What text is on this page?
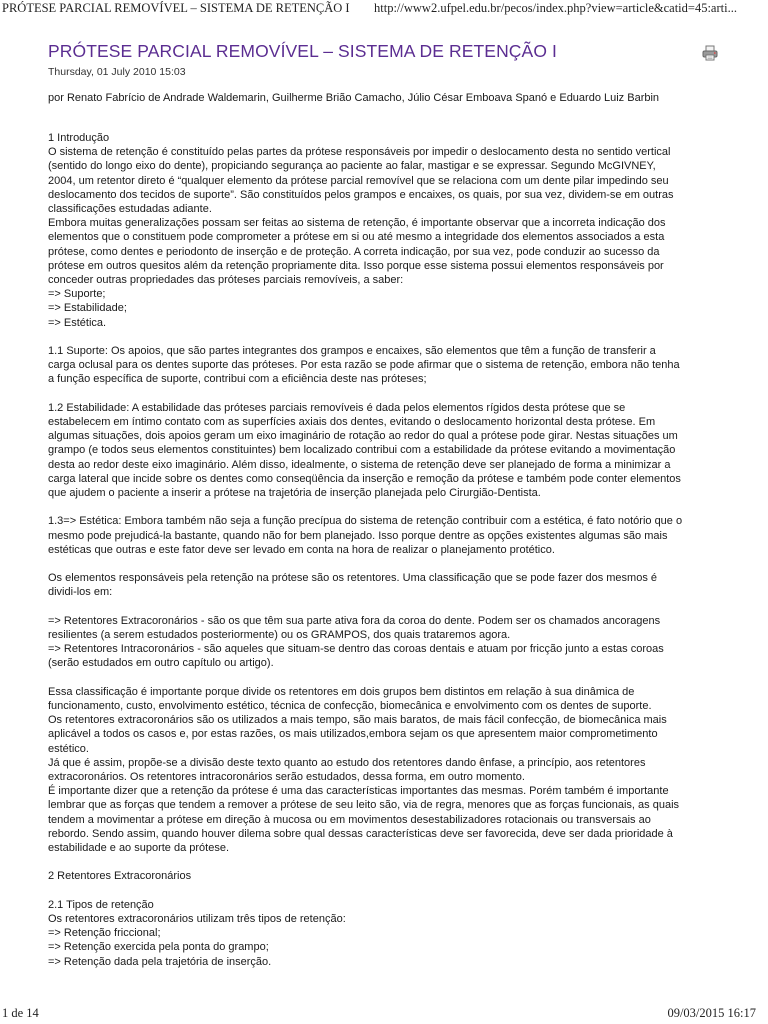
PRÓTESE PARCIAL REMOVÍVEL – SISTEMA DE RETENÇÃO I http://www2.ufpel.edu.br/pecos/index.php?view=article&catid=45:arti...
PRÓTESE PARCIAL REMOVÍVEL – SISTEMA DE RETENÇÃO I
Thursday, 01 July 2010 15:03
por Renato Fabrício de Andrade Waldemarin, Guilherme Brião Camacho, Júlio César Emboava Spanó e Eduardo Luiz Barbin
1 Introdução
O sistema de retenção é constituído pelas partes da prótese responsáveis por impedir o deslocamento desta no sentido vertical
(sentido do longo eixo do dente), propiciando segurança ao paciente ao falar, mastigar e se expressar. Segundo McGIVNEY,
2004, um retentor direto é “qualquer elemento da prótese parcial removível que se relaciona com um dente pilar impedindo seu
deslocamento dos tecidos de suporte”. São constituídos pelos grampos e encaixes, os quais, por sua vez, dividem-se em outras
classificações estudadas adiante.
Embora muitas generalizações possam ser feitas ao sistema de retenção, é importante observar que a incorreta indicação dos
elementos que o constituem pode comprometer a prótese em si ou até mesmo a integridade dos elementos associados a esta
prótese, como dentes e periodonto de inserção e de proteção. A correta indicação, por sua vez, pode conduzir ao sucesso da
prótese em outros quesitos além da retenção propriamente dita. Isso porque esse sistema possui elementos responsáveis por
conceder outras propriedades das próteses parciais removíveis, a saber:
=> Suporte;
=> Estabilidade;
=> Estética.
1.1 Suporte: Os apoios, que são partes integrantes dos grampos e encaixes, são elementos que têm a função de transferir a
carga oclusal para os dentes suporte das próteses. Por esta razão se pode afirmar que o sistema de retenção, embora não tenha
a função específica de suporte, contribui com a eficiência deste nas próteses;
1.2 Estabilidade: A estabilidade das próteses parciais removíveis é dada pelos elementos rígidos desta prótese que se
estabelecem em íntimo contato com as superfícies axiais dos dentes, evitando o deslocamento horizontal desta prótese. Em
algumas situações, dois apoios geram um eixo imaginário de rotação ao redor do qual a prótese pode girar. Nestas situações um
grampo (e todos seus elementos constituintes) bem localizado contribui com a estabilidade da prótese evitando a movimentação
desta ao redor deste eixo imaginário. Além disso, idealmente, o sistema de retenção deve ser planejado de forma a minimizar a
carga lateral que incide sobre os dentes como conseqüência da inserção e remoção da prótese e também pode conter elementos
que ajudem o paciente a inserir a prótese na trajetória de inserção planejada pelo Cirurgião-Dentista.
1.3=> Estética: Embora também não seja a função precípua do sistema de retenção contribuir com a estética, é fato notório que o
mesmo pode prejudicá-la bastante, quando não for bem planejado. Isso porque dentre as opções existentes algumas são mais
estéticas que outras e este fator deve ser levado em conta na hora de realizar o planejamento protético.
Os elementos responsáveis pela retenção na prótese são os retentores. Uma classificação que se pode fazer dos mesmos é
dividi-los em:
=> Retentores Extracoronários - são os que têm sua parte ativa fora da coroa do dente. Podem ser os chamados ancoragens
resilientes (a serem estudados posteriormente) ou os GRAMPOS, dos quais trataremos agora.
=> Retentores Intracoronários - são aqueles que situam-se dentro das coroas dentais e atuam por fricção junto a estas coroas
(serão estudados em outro capítulo ou artigo).
Essa classificação é importante porque divide os retentores em dois grupos bem distintos em relação à sua dinâmica de
funcionamento, custo, envolvimento estético, técnica de confecção, biomecânica e envolvimento com os dentes de suporte.
Os retentores extracoronários são os utilizados a mais tempo, são mais baratos, de mais fácil confecção, de biomecânica mais
aplicável a todos os casos e, por estas razões, os mais utilizados,embora sejam os que apresentem maior comprometimento
estético.
Já que é assim, propõe-se a divisão deste texto quanto ao estudo dos retentores dando ênfase, a princípio, aos retentores
extracoronários. Os retentores intracoronários serão estudados, dessa forma, em outro momento.
É importante dizer que a retenção da prótese é uma das características importantes das mesmas. Porém também é importante
lembrar que as forças que tendem a remover a prótese de seu leito são, via de regra, menores que as forças funcionais, as quais
tendem a movimentar a prótese em direção à mucosa ou em movimentos desestabilizadores rotacionais ou transversais ao
rebordo. Sendo assim, quando houver dilema sobre qual dessas características deve ser favorecida, deve ser dada prioridade à
estabilidade e ao suporte da prótese.
2 Retentores Extracoronários
2.1 Tipos de retenção
Os retentores extracoronários utilizam três tipos de retenção:
=> Retenção friccional;
=> Retenção exercida pela ponta do grampo;
=> Retenção dada pela trajetória de inserção.
1 de 14	09/03/2015 16:17
